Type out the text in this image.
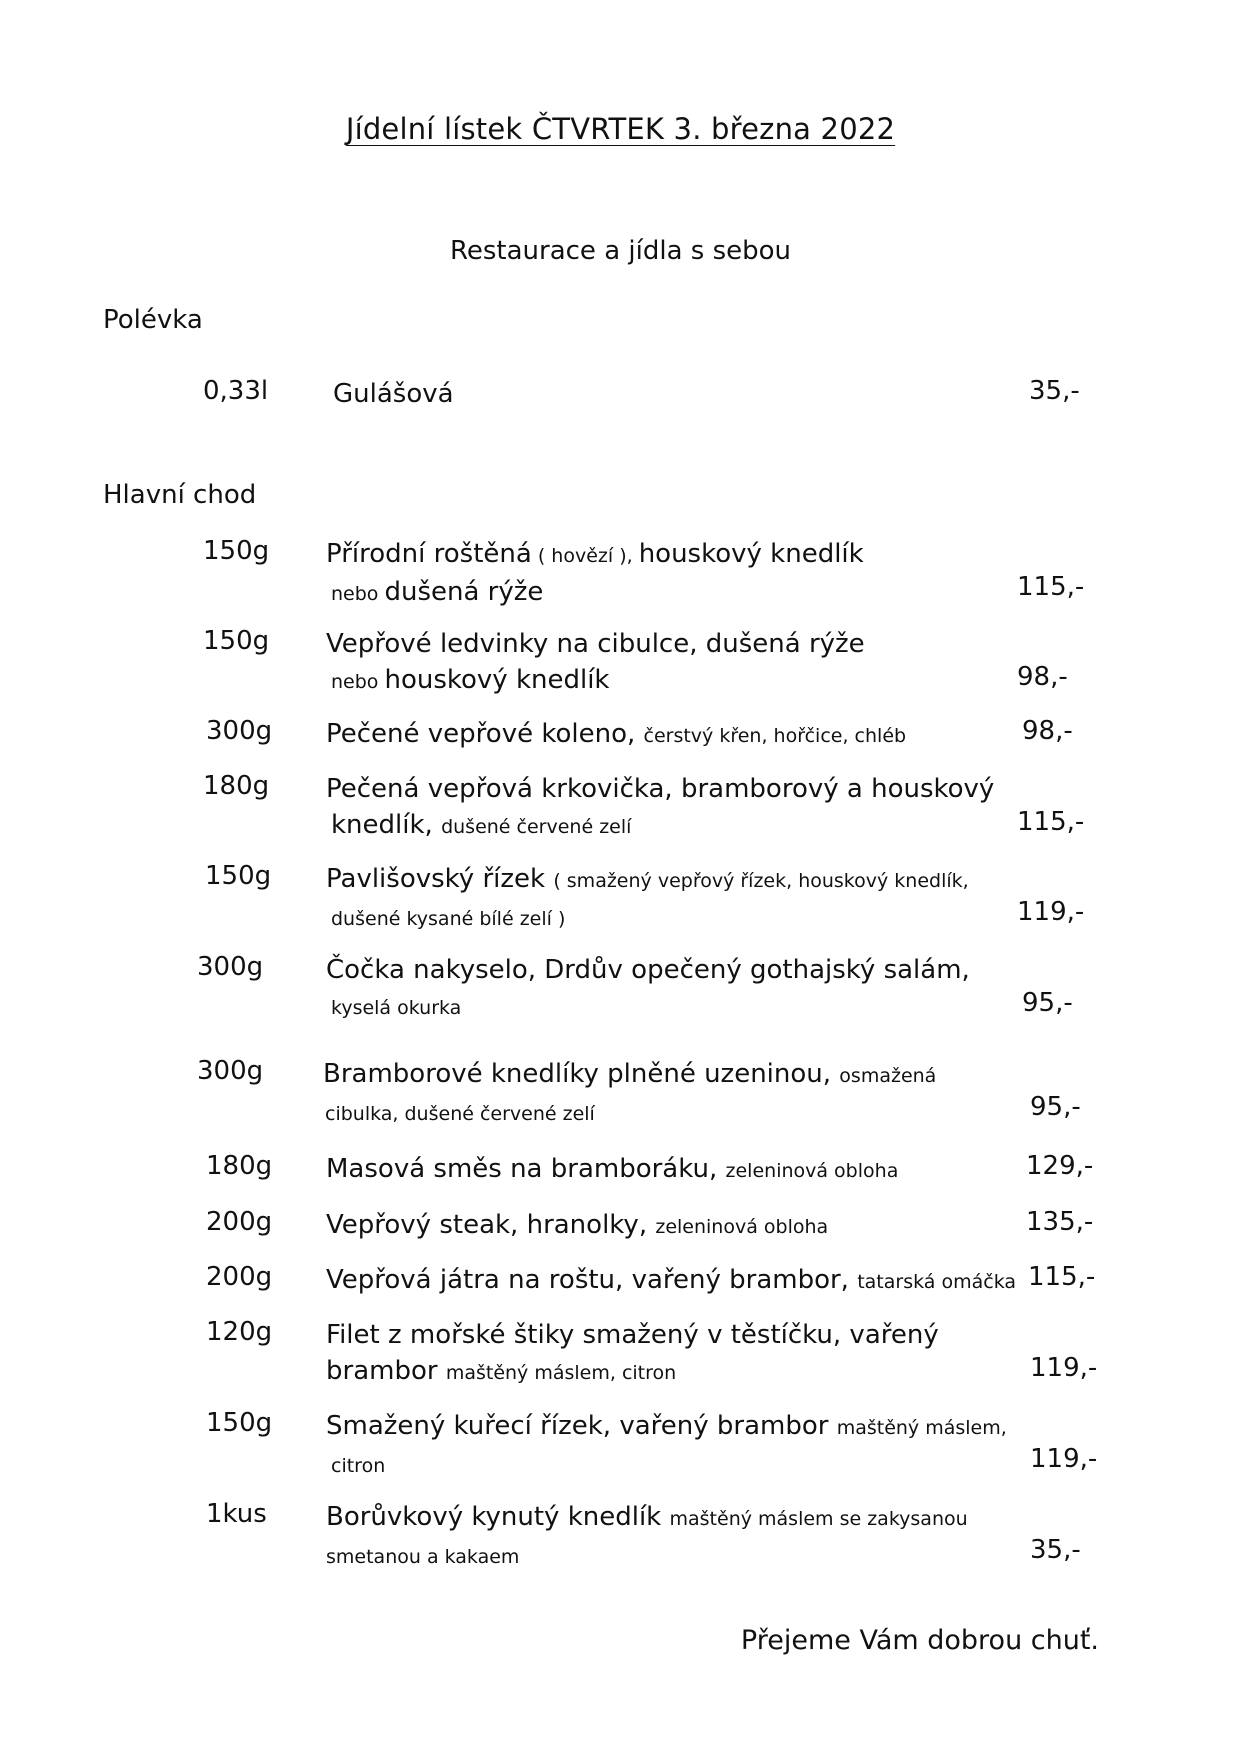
Jídelní lístek ČTVRTEK 3. března 2022
Restaurace a jídla s sebou
Polévka
0,33l Gulášová	35,-
Hlavní chod
150g Přírodní roštěná ( hovězí ), houskový knedlík
nebo dušená rýže	115,-
150g Vepřové ledvinky na cibulce, dušená rýže
nebo houskový knedlík	98,-
300g Pečené vepřové koleno, čerstvý křen, hořčice, chléb	98,-
180g Pečená vepřová krkovička, bramborový a houskový
knedlík, dušené červené zelí	115,-
150g Pavlišovský řízek ( smažený vepřový řízek, houskový knedlík,
dušené kysané bílé zelí )	119,-
300g Čočka nakyselo, Drdův opečený gothajský salám,
kyselá okurka	95,-
300g Bramborové knedlíky plněné uzeninou, osmažená
cibulka, dušené červené zelí	95,-
180g Masová směs na bramboráku, zeleninová obloha	129,-
200g Vepřový steak, hranolky, zeleninová obloha	135,-
200g Vepřová játra na roštu, vařený brambor, tatarská omáčka 115,-
120g Filet z mořské štiky smažený v těstíčku, vařený
brambor maštěný máslem, citron	119,-
150g Smažený kuřecí řízek, vařený brambor maštěný máslem,
citron	119,-
1kus Borůvkový kynutý knedlík maštěný máslem se zakysanou
smetanou a kakaem	35,-
Přejeme Vám dobrou chuť.
